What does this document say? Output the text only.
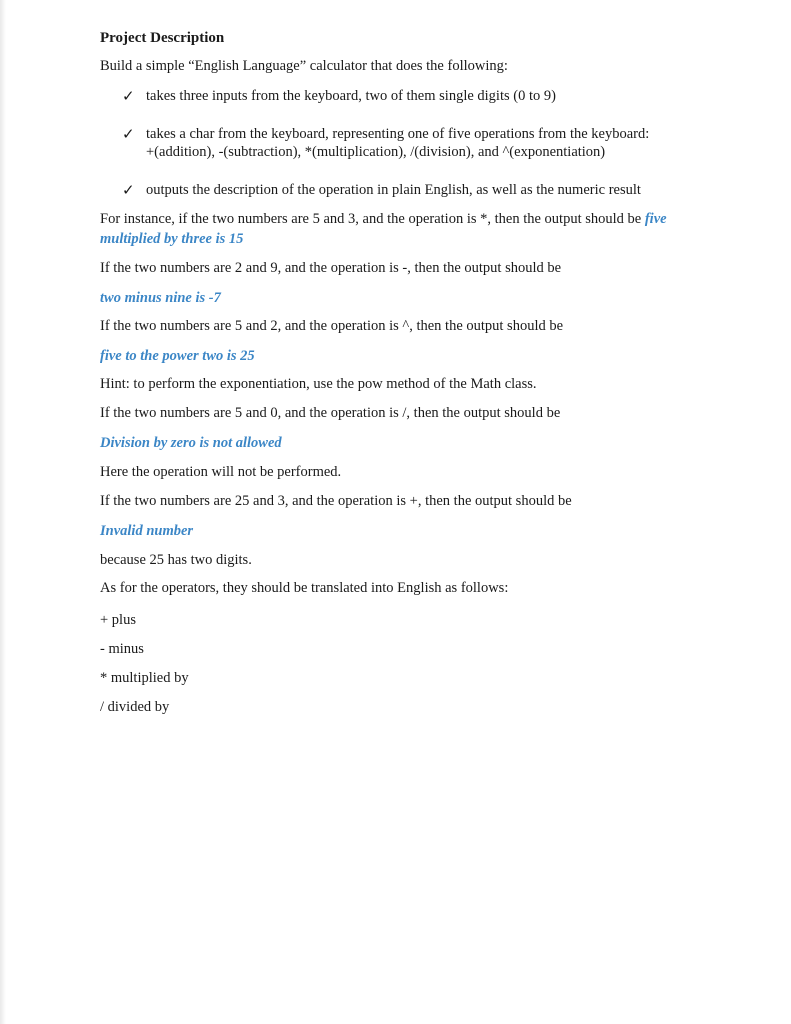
Project Description
Build a simple “English Language” calculator that does the following:
✓ takes three inputs from the keyboard, two of them single digits (0 to 9)
✓ takes a char from the keyboard, representing one of five operations from the keyboard:
+(addition), -(subtraction), *(multiplication), /(division), and ^(exponentiation)
✓ outputs the description of the operation in plain English, as well as the numeric result
For instance, if the two numbers are 5 and 3, and the operation is *, then the output should be five
multiplied by three is 15
If the two numbers are 2 and 9, and the operation is -, then the output should be
two minus nine is -7
If the two numbers are 5 and 2, and the operation is ^, then the output should be
five to the power two is 25
Hint: to perform the exponentiation, use the pow method of the Math class.
If the two numbers are 5 and 0, and the operation is /, then the output should be
Division by zero is not allowed
Here the operation will not be performed.
If the two numbers are 25 and 3, and the operation is +, then the output should be
Invalid number
because 25 has two digits.
As for the operators, they should be translated into English as follows:
+ plus
- minus
* multiplied by
/ divided by
